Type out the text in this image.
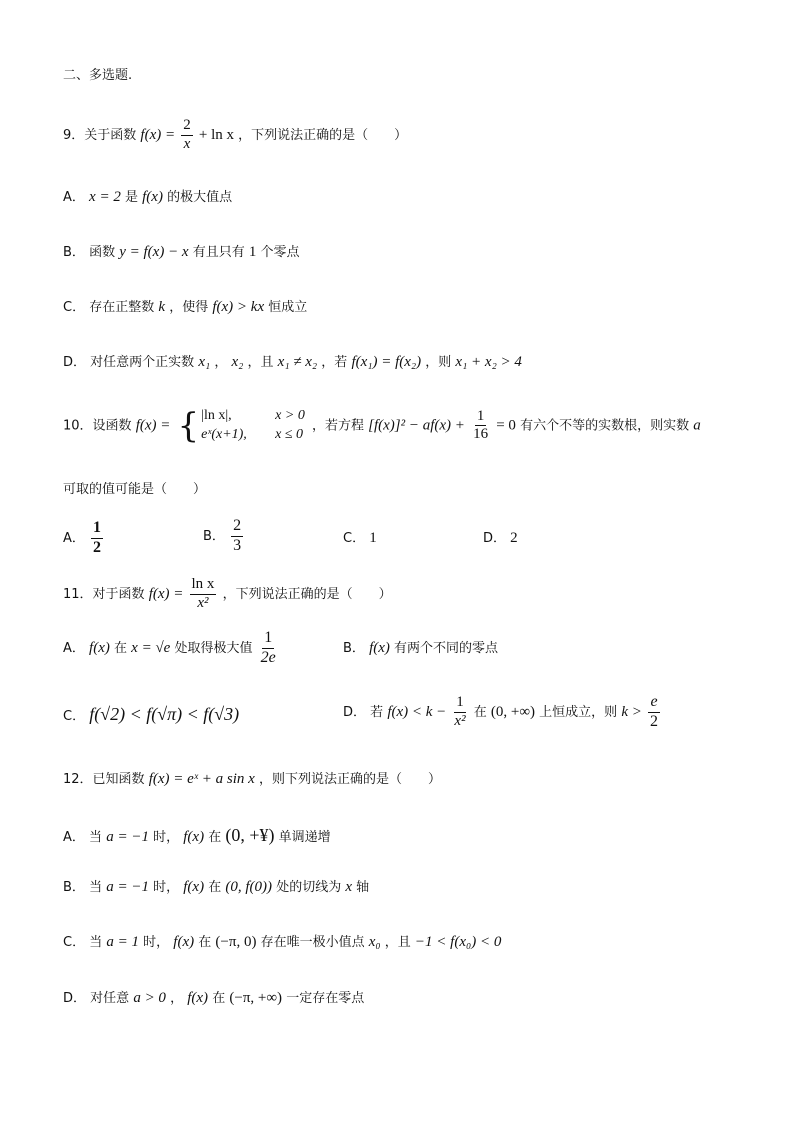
二、多选题.
9．关于函数 $f(x) = \frac{2}{x} + \ln x$ ，下列说法正确的是（　　）
A． x = 2 是 f(x) 的极大值点
B． 函数 y = f(x) − x 有且只有 1 个零点
C． 存在正整数 k ，使得 f(x) > kx 恒成立
D． 对任意两个正实数 x₁ ， x₂ ，且 x₁ ≠ x₂ ，若 f(x₁) = f(x₂) ，则 x₁ + x₂ > 4
10．设函数 f(x) = { |ln x|,	x > 0
eˣ(x+1),	x ≤ 0
，若方程 $[f(x)]^2 - af(x) + \frac{1}{16} = 0$ 有六个不等的实数根，则实数 a
可取的值可能是（　　）
A． $\frac{1}{2}$	B． $\frac{2}{3}$	C． 1	D． 2
11．对于函数 $f(x) = \frac{\text{ln x}}{\text{x²}}$ ，下列说法正确的是（　　）
A． f(x) 在 x = √e 处取得极大值 $\frac{1}{2e}$	B． f(x) 有两个不同的零点
C． f(√2) < f(√π) < f(√3)	D． 若 $f(x) < k - \frac{1}{\text{x²}}$ 在 (0, +∞) 上恒成立，则 $k > \frac{e}{2}$
12．已知函数 f(x) = eˣ + a sin x ，则下列说法正确的是（　　）
A． 当 a = −1 时， f(x) 在 (0, +¥) 单调递增
B． 当 a = −1 时， f(x) 在 (0, f(0)) 处的切线为 x 轴
C． 当 a = 1 时， f(x) 在 (−π, 0) 存在唯一极小值点 x₀ ，且 −1 < f(x₀) < 0
D． 对任意 a > 0 ， f(x) 在 (−π, +∞) 一定存在零点
